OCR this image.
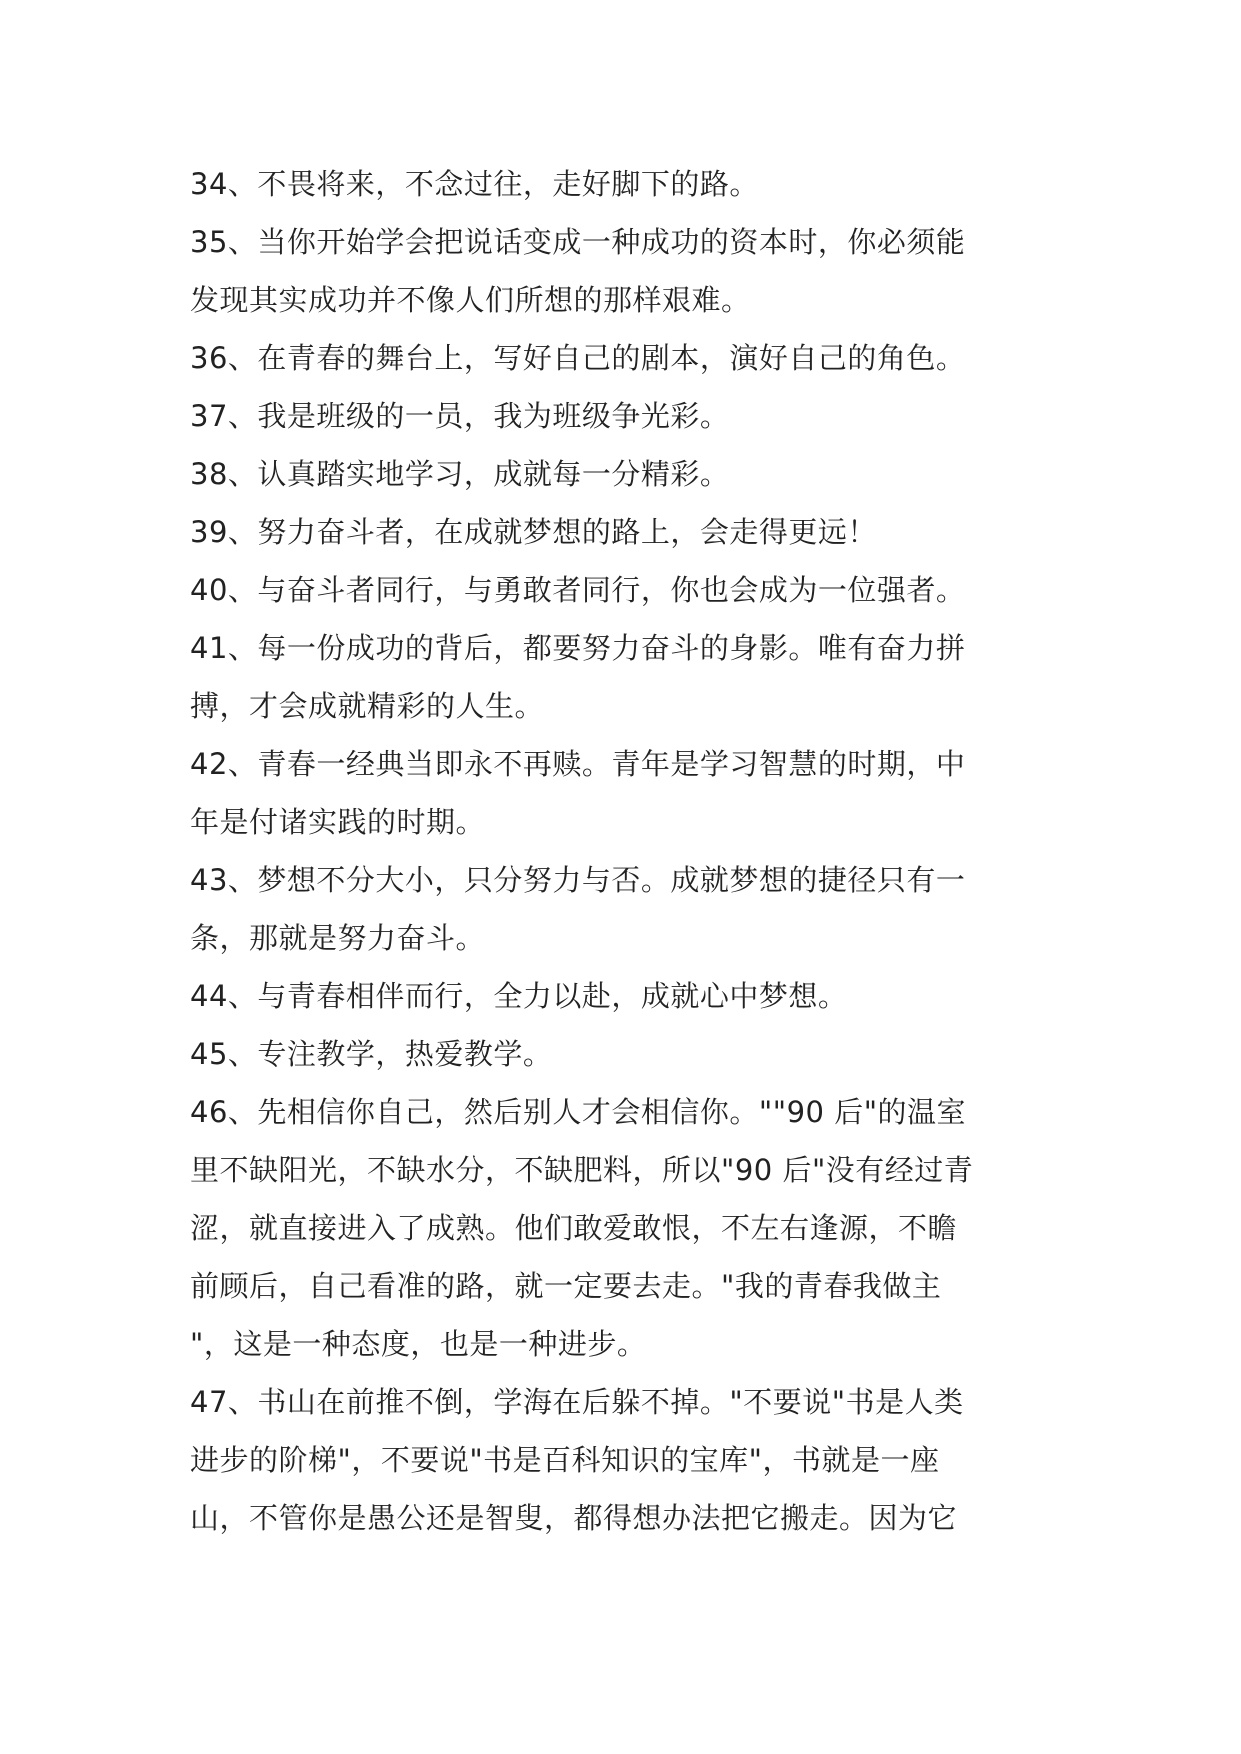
34、不畏将来，不念过往，走好脚下的路。
35、当你开始学会把说话变成一种成功的资本时，你必须能
发现其实成功并不像人们所想的那样艰难。
36、在青春的舞台上，写好自己的剧本，演好自己的角色。
37、我是班级的一员，我为班级争光彩。
38、认真踏实地学习，成就每一分精彩。
39、努力奋斗者，在成就梦想的路上，会走得更远！
40、与奋斗者同行，与勇敢者同行，你也会成为一位强者。
41、每一份成功的背后，都要努力奋斗的身影。唯有奋力拼
搏，才会成就精彩的人生。
42、青春一经典当即永不再赎。青年是学习智慧的时期，中
年是付诸实践的时期。
43、梦想不分大小，只分努力与否。成就梦想的捷径只有一
条，那就是努力奋斗。
44、与青春相伴而行，全力以赴，成就心中梦想。
45、专注教学，热爱教学。
46、先相信你自己，然后别人才会相信你。""90 后"的温室
里不缺阳光，不缺水分，不缺肥料，所以"90 后"没有经过青
涩，就直接进入了成熟。他们敢爱敢恨，不左右逢源，不瞻
前顾后，自己看准的路，就一定要去走。"我的青春我做主
"，这是一种态度，也是一种进步。
47、书山在前推不倒，学海在后躲不掉。"不要说"书是人类
进步的阶梯"，不要说"书是百科知识的宝库"，书就是一座
山，不管你是愚公还是智叟，都得想办法把它搬走。因为它
